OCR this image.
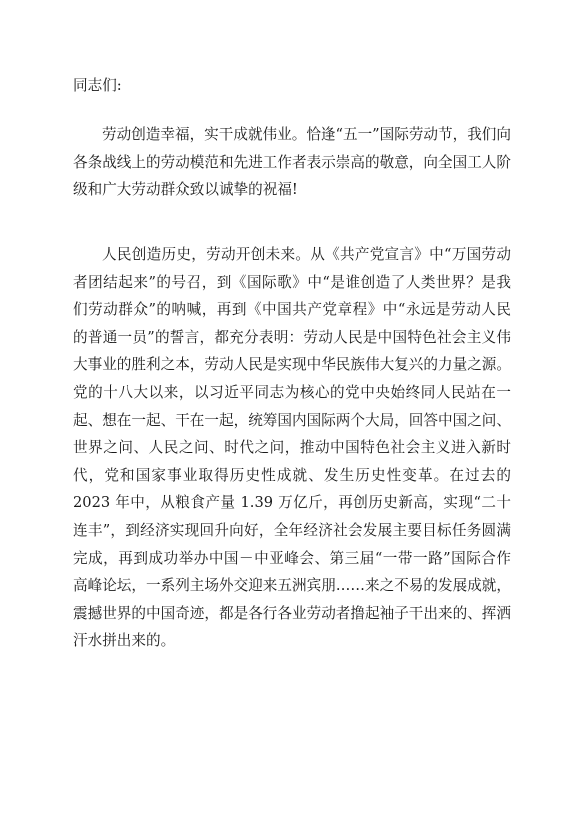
同志们:

劳动创造幸福，实干成就伟业。恰逢“五一”国际劳动节，我们向各条战线上的劳动模范和先进工作者表示崇高的敬意，向全国工人阶级和广大劳动群众致以诚挚的祝福!

人民创造历史，劳动开创未来。从《共产党宣言》中“万国劳动者团结起来”的号召，到《国际歌》中“是谁创造了人类世界？是我们劳动群众”的呐喊，再到《中国共产党章程》中“永远是劳动人民的普通一员”的誓言，都充分表明：劳动人民是中国特色社会主义伟大事业的胜利之本，劳动人民是实现中华民族伟大复兴的力量之源。党的十八大以来，以习近平同志为核心的党中央始终同人民站在一起、想在一起、干在一起，统筹国内国际两个大局，回答中国之问、世界之问、人民之问、时代之问，推动中国特色社会主义进入新时代，党和国家事业取得历史性成就、发生历史性变革。在过去的 2023 年中，从粮食产量 1.39 万亿斤，再创历史新高，实现“二十连丰”，到经济实现回升向好，全年经济社会发展主要目标任务圆满完成，再到成功举办中国－中亚峰会、第三届“一带一路”国际合作高峰论坛，一系列主场外交迎来五洲宾朋……来之不易的发展成就，震撼世界的中国奇迹，都是各行各业劳动者撸起袖子干出来的、挥洒汗水拼出来的。
